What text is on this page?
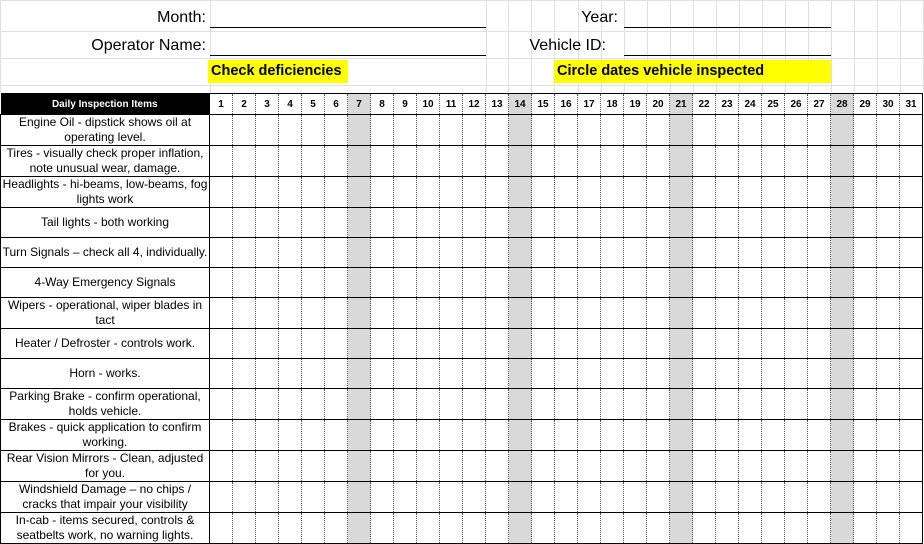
Month:	Year:
Operator Name:	Vehicle ID:
Check deficiencies	Circle dates vehicle inspected
Daily Inspection Items	1	2	3	4	5	6	7	8	9	10	11	12	13	14	15	16	17	18	19	20	21	22	23	24	25	26	27	28	29	30	31
Engine Oil - dipstick shows oil at operating level.																															
Tires - visually check proper inflation, note unusual wear, damage.																															
Headlights - hi-beams, low-beams, fog lights work																															
Tail lights - both working																															
Turn Signals – check all 4, individually.																															
4-Way Emergency Signals																															
Wipers - operational, wiper blades in tact																															
Heater / Defroster - controls work.																															
Horn - works.																															
Parking Brake - confirm operational, holds vehicle.																															
Brakes - quick application to confirm working.																															
Rear Vision Mirrors - Clean, adjusted for you.																															
Windshield Damage – no chips / cracks that impair your visibility																															
In-cab - items secured, controls & seatbelts work, no warning lights.																															
